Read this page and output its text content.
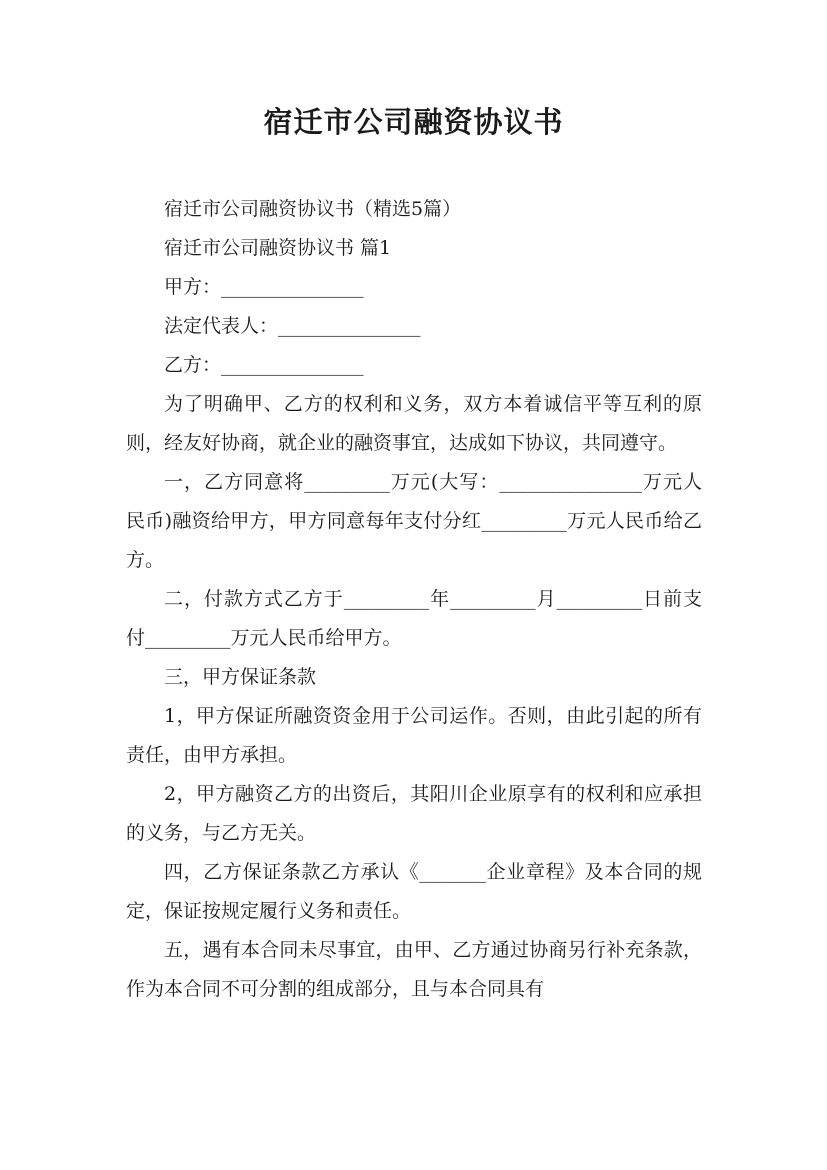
宿迁市公司融资协议书

宿迁市公司融资协议书（精选5篇）

宿迁市公司融资协议书 篇1

甲方：_______________

法定代表人：_______________

乙方：_______________

为了明确甲、乙方的权利和义务，双方本着诚信平等互利的原则，经友好协商，就企业的融资事宜，达成如下协议，共同遵守。

一，乙方同意将_________万元(大写：_______________万元人民币)融资给甲方，甲方同意每年支付分红_________万元人民币给乙方。

二，付款方式乙方于_________年_________月_________日前支付_________万元人民币给甲方。

三，甲方保证条款

1，甲方保证所融资资金用于公司运作。否则，由此引起的所有责任，由甲方承担。

2，甲方融资乙方的出资后，其阳川企业原享有的权利和应承担的义务，与乙方无关。

四，乙方保证条款乙方承认《_______企业章程》及本合同的规定，保证按规定履行义务和责任。

五，遇有本合同未尽事宜，由甲、乙方通过协商另行补充条款，作为本合同不可分割的组成部分，且与本合同具有
